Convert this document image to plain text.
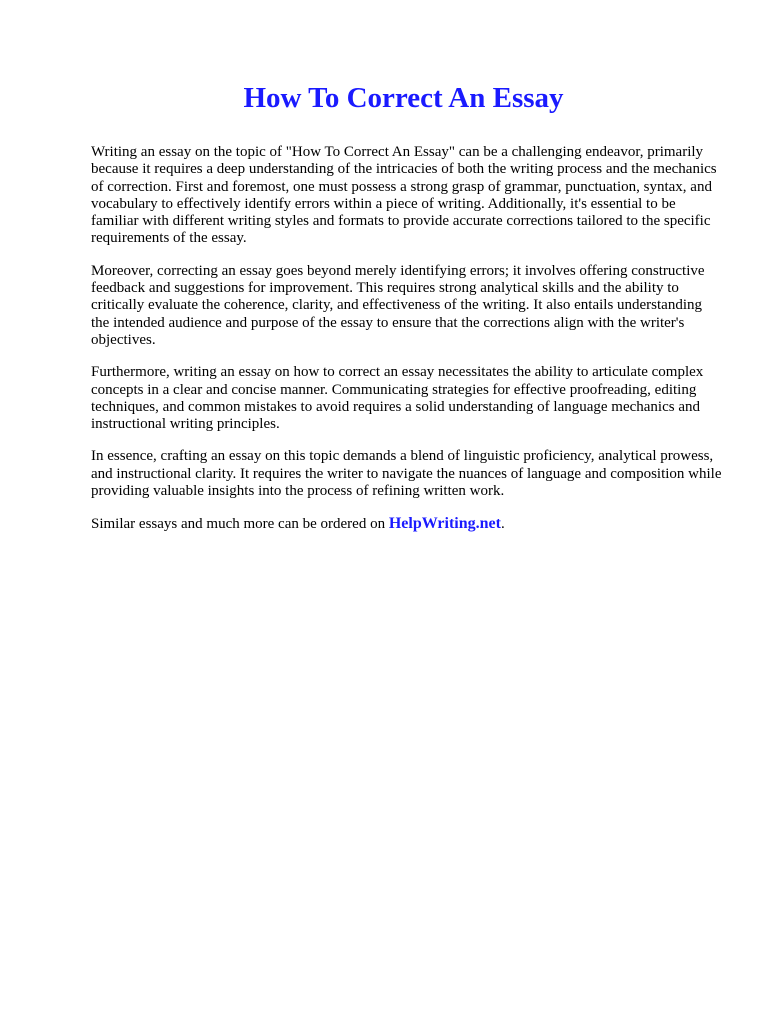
How To Correct An Essay

Writing an essay on the topic of "How To Correct An Essay" can be a challenging endeavor, primarily because it requires a deep understanding of the intricacies of both the writing process and the mechanics of correction. First and foremost, one must possess a strong grasp of grammar, punctuation, syntax, and vocabulary to effectively identify errors within a piece of writing. Additionally, it's essential to be familiar with different writing styles and formats to provide accurate corrections tailored to the specific requirements of the essay.

Moreover, correcting an essay goes beyond merely identifying errors; it involves offering constructive feedback and suggestions for improvement. This requires strong analytical skills and the ability to critically evaluate the coherence, clarity, and effectiveness of the writing. It also entails understanding the intended audience and purpose of the essay to ensure that the corrections align with the writer's objectives.

Furthermore, writing an essay on how to correct an essay necessitates the ability to articulate complex concepts in a clear and concise manner. Communicating strategies for effective proofreading, editing techniques, and common mistakes to avoid requires a solid understanding of language mechanics and instructional writing principles.

In essence, crafting an essay on this topic demands a blend of linguistic proficiency, analytical prowess, and instructional clarity. It requires the writer to navigate the nuances of language and composition while providing valuable insights into the process of refining written work.

Similar essays and much more can be ordered on HelpWriting.net.
